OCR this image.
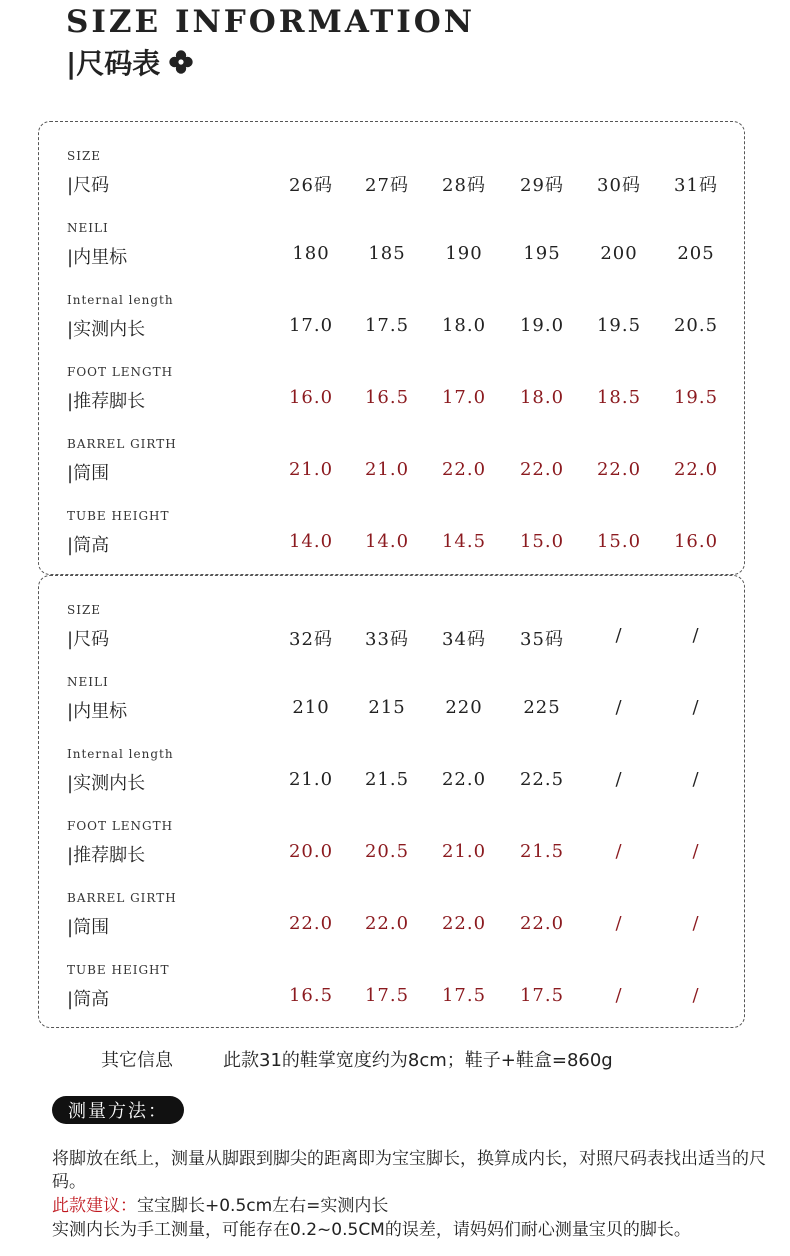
SIZE INFORMATION
|尺码表
SIZE
|尺码	26码	27码	28码	29码	30码	31码
NEILI
|内里标	180	185	190	195	200	205
Internal length
|实测内长	17.0	17.5	18.0	19.0	19.5	20.5
FOOT LENGTH
|推荐脚长	16.0	16.5	17.0	18.0	18.5	19.5
BARREL GIRTH
|筒围	21.0	21.0	22.0	22.0	22.0	22.0
TUBE HEIGHT
|筒高	14.0	14.0	14.5	15.0	15.0	16.0
SIZE
|尺码	32码	33码	34码	35码	/	/
NEILI
|内里标	210	215	220	225	/	/
Internal length
|实测内长	21.0	21.5	22.0	22.5	/	/
FOOT LENGTH
|推荐脚长	20.0	20.5	21.0	21.5	/	/
BARREL GIRTH
|筒围	22.0	22.0	22.0	22.0	/	/
TUBE HEIGHT
|筒高	16.5	17.5	17.5	17.5	/	/
其它信息	此款31的鞋掌宽度约为8cm；鞋子+鞋盒=860g
测量方法：
将脚放在纸上，测量从脚跟到脚尖的距离即为宝宝脚长，换算成内长，对照尺码表找出适当的尺码。
此款建议：宝宝脚长+0.5cm左右=实测内长
实测内长为手工测量，可能存在0.2~0.5CM的误差，请妈妈们耐心测量宝贝的脚长。
